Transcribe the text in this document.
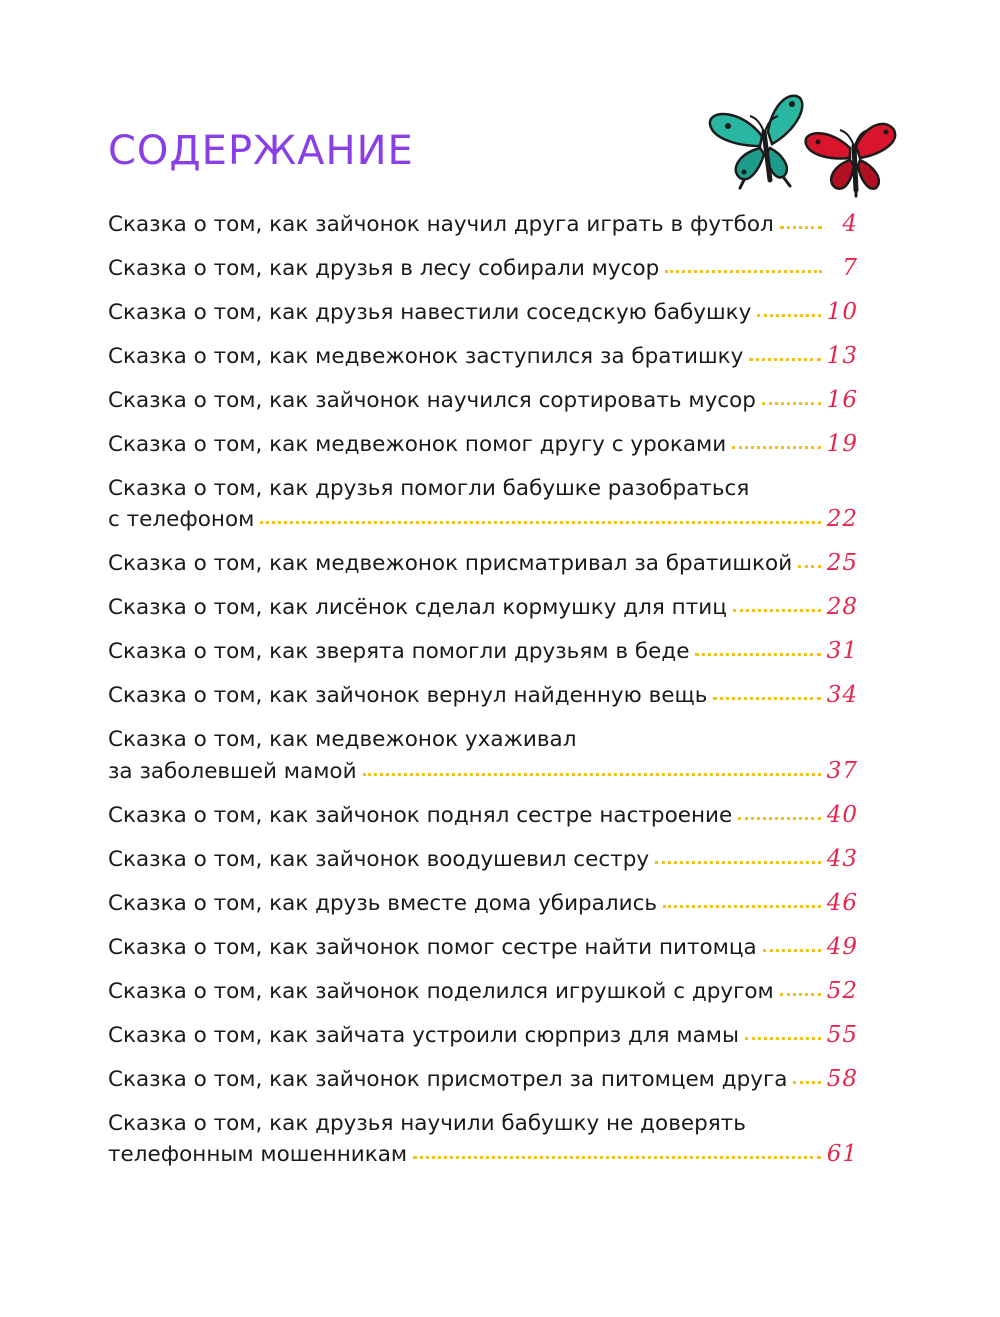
СОДЕРЖАНИЕ
Сказка о том, как зайчонок научил друга играть в футбол	4
Сказка о том, как друзья в лесу собирали мусор	7
Сказка о том, как друзья навестили соседскую бабушку	10
Сказка о том, как медвежонок заступился за братишку	13
Сказка о том, как зайчонок научился сортировать мусор	16
Сказка о том, как медвежонок помог другу с уроками	19
Сказка о том, как друзья помогли бабушке разобраться
с телефоном	22
Сказка о том, как медвежонок присматривал за братишкой 25
Сказка о том, как лисёнок сделал кормушку для птиц	28
Сказка о том, как зверята помогли друзьям в беде	31
Сказка о том, как зайчонок вернул найденную вещь	34
Сказка о том, как медвежонок ухаживал
за заболевшей мамой	37
Сказка о том, как зайчонок поднял сестре настроение	40
Сказка о том, как зайчонок воодушевил сестру	43
Сказка о том, как друзь вместе дома убирались	46
Сказка о том, как зайчонок помог сестре найти питомца	49
Сказка о том, как зайчонок поделился игрушкой с другом 52
Сказка о том, как зайчата устроили сюрприз для мамы	55
Сказка о том, как зайчонок присмотрел за питомцем друга 58
Сказка о том, как друзья научили бабушку не доверять
телефонным мошенникам	61
